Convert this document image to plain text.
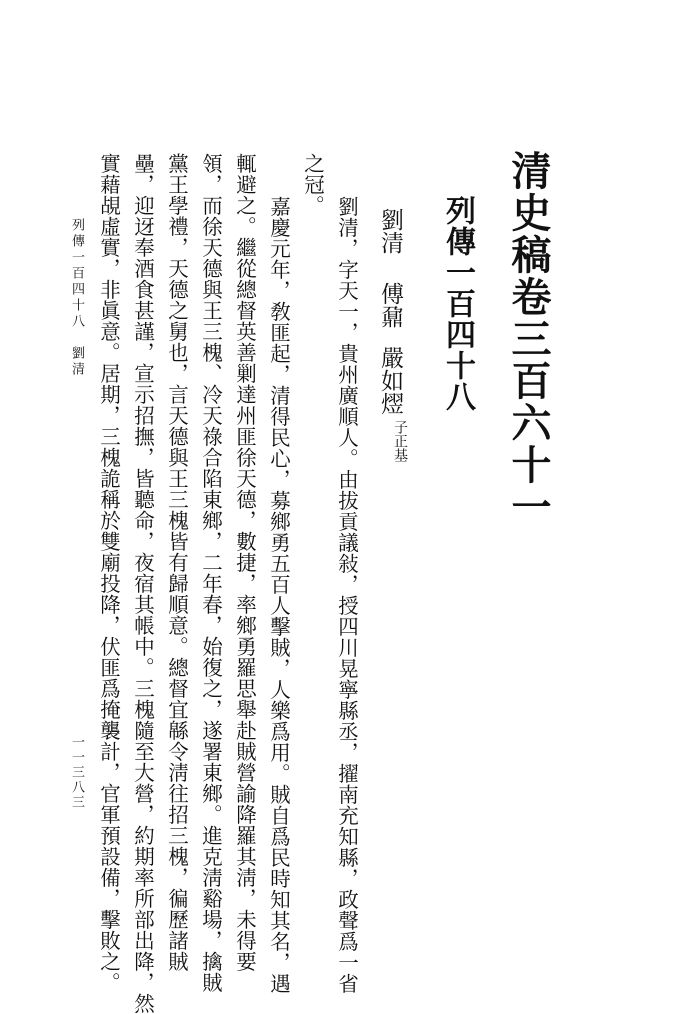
清史稿卷三百六十一
列傳一百四十八
劉清
傅鼐
嚴如熤
子正基
劉清，字天一，貴州廣順人。由拔貢議敍，授四川晃寧縣丞，擢南充知縣，政聲爲一省
之冠。
嘉慶元年，敎匪起，清得民心，募鄉勇五百人擊賊，人樂爲用。賊自爲民時知其名，遇
輒避之。繼從總督英善剿達州匪徐天德，數捷，率鄉勇羅思舉赴賊營諭降羅其淸，未得要
領，而徐天德與王三槐、冷天祿合陷東鄉，二年春，始復之，遂署東鄉。進克淸谿場，擒賊
黨王學禮，天德之舅也，言天德與王三槐皆有歸順意。總督宜緜令淸往招三槐，徧歷諸賊
壘，迎迓奉酒食甚謹，宣示招撫，皆聽命，夜宿其帳中。三槐隨至大營，約期率所部出降，然
實藉覘虛實，非眞意。居期，三槐詭稱於雙廟投降，伏匪爲掩襲計，官軍預設備，擊敗之。
列傳一百四十八　劉清
一一三八三
